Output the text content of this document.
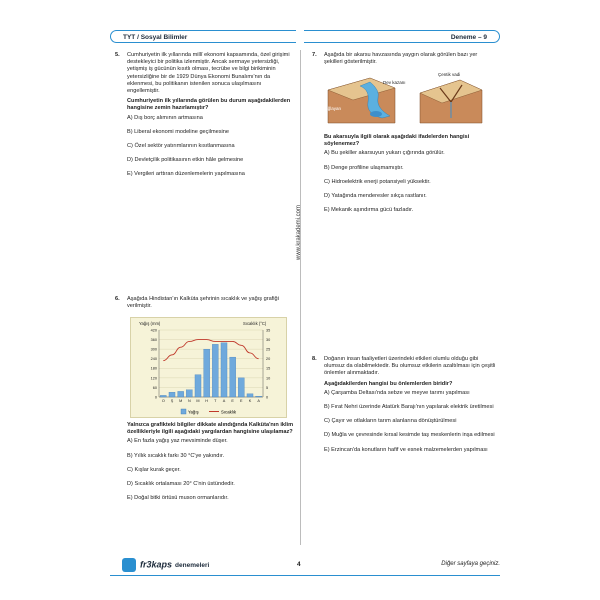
TYT / Sosyal Bilimler	Deneme – 9
www.krakademi.com
5. Cumhuriyetin ilk yıllarında millî ekonomi kapsamında, özel girişimi destekleyici bir politika izlenmiştir. Ancak sermaye yetersizliği, yetişmiş iş gücünün kısıtlı olması, tecrübe ve bilgi birikiminin yetersizliğine bir de 1929 Dünya Ekonomi Bunalımı'nın da eklenmesi, bu politikanın istenilen sonuca ulaşılmasını engellemiştir.

Cumhuriyetin ilk yıllarında görülen bu durum aşağıdakilerden hangisine zemin hazırlamıştır?

A) Dış borç alımının artmasına
B) Liberal ekonomi modeline geçilmesine
C) Özel sektör yatırımlarının kısıtlanmasına
D) Devletçilik politikasının etkin hâle gelmesine
E) Vergileri arttıran düzenlemelerin yapılmasına
6. Aşağıda Hindistan'ın Kalküta şehrinin sıcaklık ve yağış grafiği verilmiştir.

Yağış (mm)	Sıcaklık (°C)
0
60
120
180
240
300
360
420
0
5
10
15
20
25
30
35
O Ş M N M H T A E E K A
Yağış	Sıcaklık

Yalnızca grafikteki bilgiler dikkate alındığında Kalküta'nın iklim özellikleriyle ilgili aşağıdaki yargılardan hangisine ulaşılamaz?

A) En fazla yağış yaz mevsiminde düşer.
B) Yıllık sıcaklık farkı 30 °C'ye yakındır.
C) Kışlar kurak geçer.
D) Sıcaklık ortalaması 20° C'nin üstündedir.
E) Doğal bitki örtüsü muson ormanlarıdır.
7. Aşağıda bir akarsu havzasında yaygın olarak görülen bazı yer şekilleri gösterilmiştir.

Dev kazanı
Çağlayan
Çentik vadi

Bu akarsuyla ilgili olarak aşağıdaki ifadelerden hangisi söylenemez?

A) Bu şekiller akarsuyun yukarı çığırında görülür.
B) Denge profiline ulaşmamıştır.
C) Hidroelektrik enerji potansiyeli yüksektir.
D) Yatağında menderesler sıkça rastlanır.
E) Mekanik aşındırma gücü fazladır.
8. Doğanın insan faaliyetleri üzerindeki etkileri olumlu olduğu gibi olumsuz da olabilmektedir. Bu olumsuz etkilerin azaltılması için çeşitli önlemler alınmaktadır.

Aşağıdakilerden hangisi bu önlemlerden biridir?

A) Çarşamba Deltası'nda sebze ve meyve tarımı yapılması
B) Fırat Nehri üzerinde Atatürk Barajı'nın yapılarak elektrik üretilmesi
C) Çayır ve otlakların tarım alanlarına dönüştürülmesi
D) Muğla ve çevresinde kırsal kesimde taş meskenlerin inşa edilmesi
E) Erzincan'da konutların hafif ve esnek malzemelerden yapılması
fr3kaps denemeleri	4	Diğer sayfaya geçiniz.
